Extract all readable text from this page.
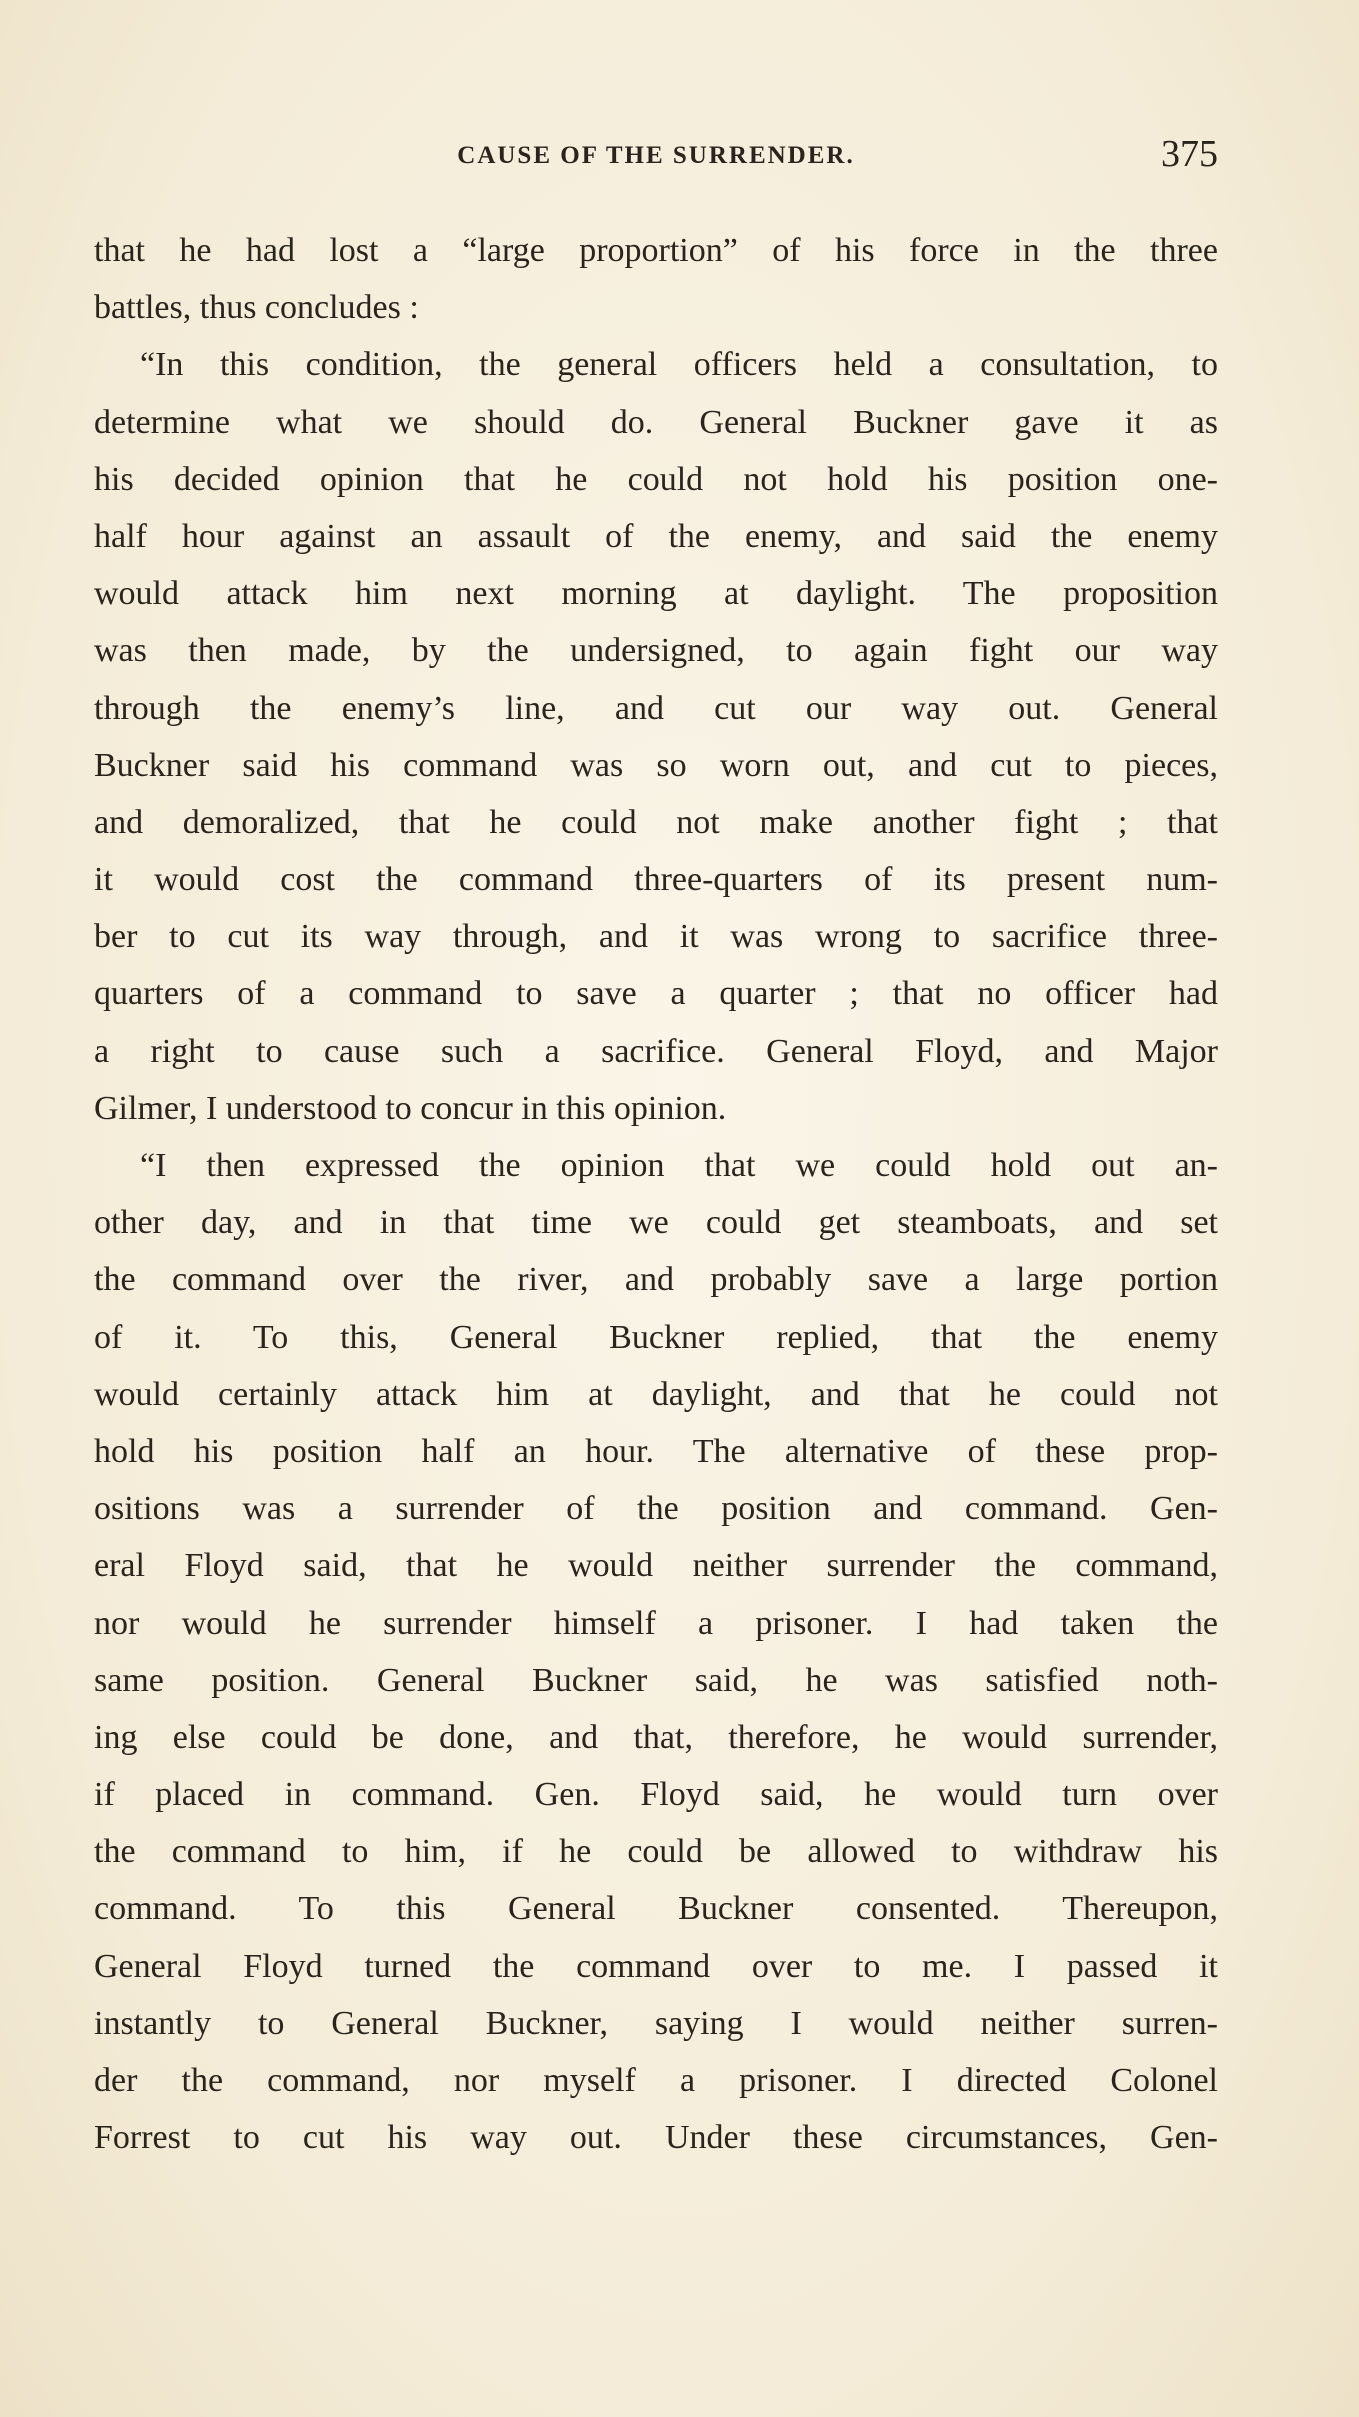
CAUSE OF THE SURRENDER.	375
that he had lost a “large proportion” of his force in the three
battles, thus concludes :
“In this condition, the general officers held a consultation, to
determine what we should do. General Buckner gave it as
his decided opinion that he could not hold his position one-
half hour against an assault of the enemy, and said the enemy
would attack him next morning at daylight. The proposition
was then made, by the undersigned, to again fight our way
through the enemy’s line, and cut our way out. General
Buckner said his command was so worn out, and cut to pieces,
and demoralized, that he could not make another fight ; that
it would cost the command three-quarters of its present num-
ber to cut its way through, and it was wrong to sacrifice three-
quarters of a command to save a quarter ; that no officer had
a right to cause such a sacrifice. General Floyd, and Major
Gilmer, I understood to concur in this opinion.
“I then expressed the opinion that we could hold out an-
other day, and in that time we could get steamboats, and set
the command over the river, and probably save a large portion
of it. To this, General Buckner replied, that the enemy
would certainly attack him at daylight, and that he could not
hold his position half an hour. The alternative of these prop-
ositions was a surrender of the position and command. Gen-
eral Floyd said, that he would neither surrender the command,
nor would he surrender himself a prisoner. I had taken the
same position. General Buckner said, he was satisfied noth-
ing else could be done, and that, therefore, he would surrender,
if placed in command. Gen. Floyd said, he would turn over
the command to him, if he could be allowed to withdraw his
command. To this General Buckner consented. Thereupon,
General Floyd turned the command over to me. I passed it
instantly to General Buckner, saying I would neither surren-
der the command, nor myself a prisoner. I directed Colonel
Forrest to cut his way out. Under these circumstances, Gen-
